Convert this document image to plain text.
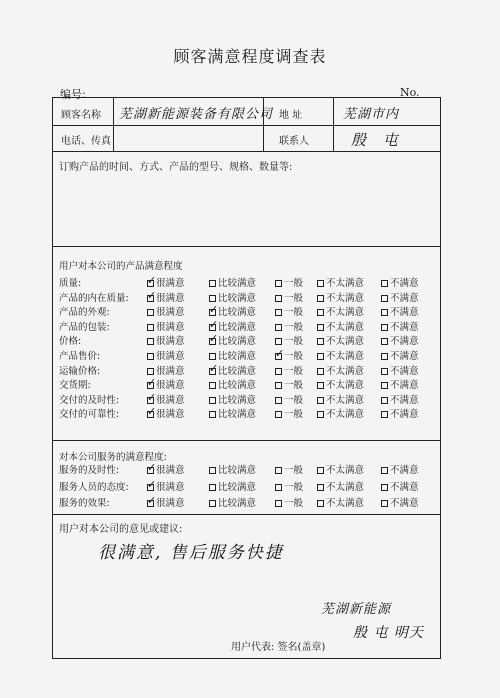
顾客满意程度调查表
编号:	No.
顾客名称 芜湖新能源装备有限公司 地 址	芜湖市内
电话、传真	联系人	殷 屯
订购产品的时间、方式、产品的型号、规格、数量等:
用户对本公司的产品满意程度
质量: ✓	很满意	比较满意	一般	不太满意	不满意
产品的内在质量: ✓	很满意	比较满意	一般	不太满意	不满意
产品的外观:	很满意 ✓	比较满意	一般	不太满意	不满意
产品的包装:	很满意 ✓	比较满意	一般	不太满意	不满意
价格:	很满意 ✓	比较满意	一般	不太满意	不满意
产品售价:	很满意	比较满意 ✓	一般	不太满意	不满意
运输价格:	很满意 ✓	比较满意	一般	不太满意	不满意
交货期: ✓	很满意	比较满意	一般	不太满意	不满意
交付的及时性: ✓	很满意	比较满意	一般	不太满意	不满意
交付的可靠性: ✓	很满意	比较满意	一般	不太满意	不满意
对本公司服务的满意程度:
服务的及时性: ✓	很满意	比较满意	一般	不太满意	不满意
服务人员的态度: ✓	很满意	比较满意	一般	不太满意	不满意
服务的效果: ✓	很满意	比较满意	一般	不太满意	不满意
用户对本公司的意见或建议:
很满意, 售后服务快捷
芜湖新能源
用户代表: 签名(盖章)
殷 屯 明天
